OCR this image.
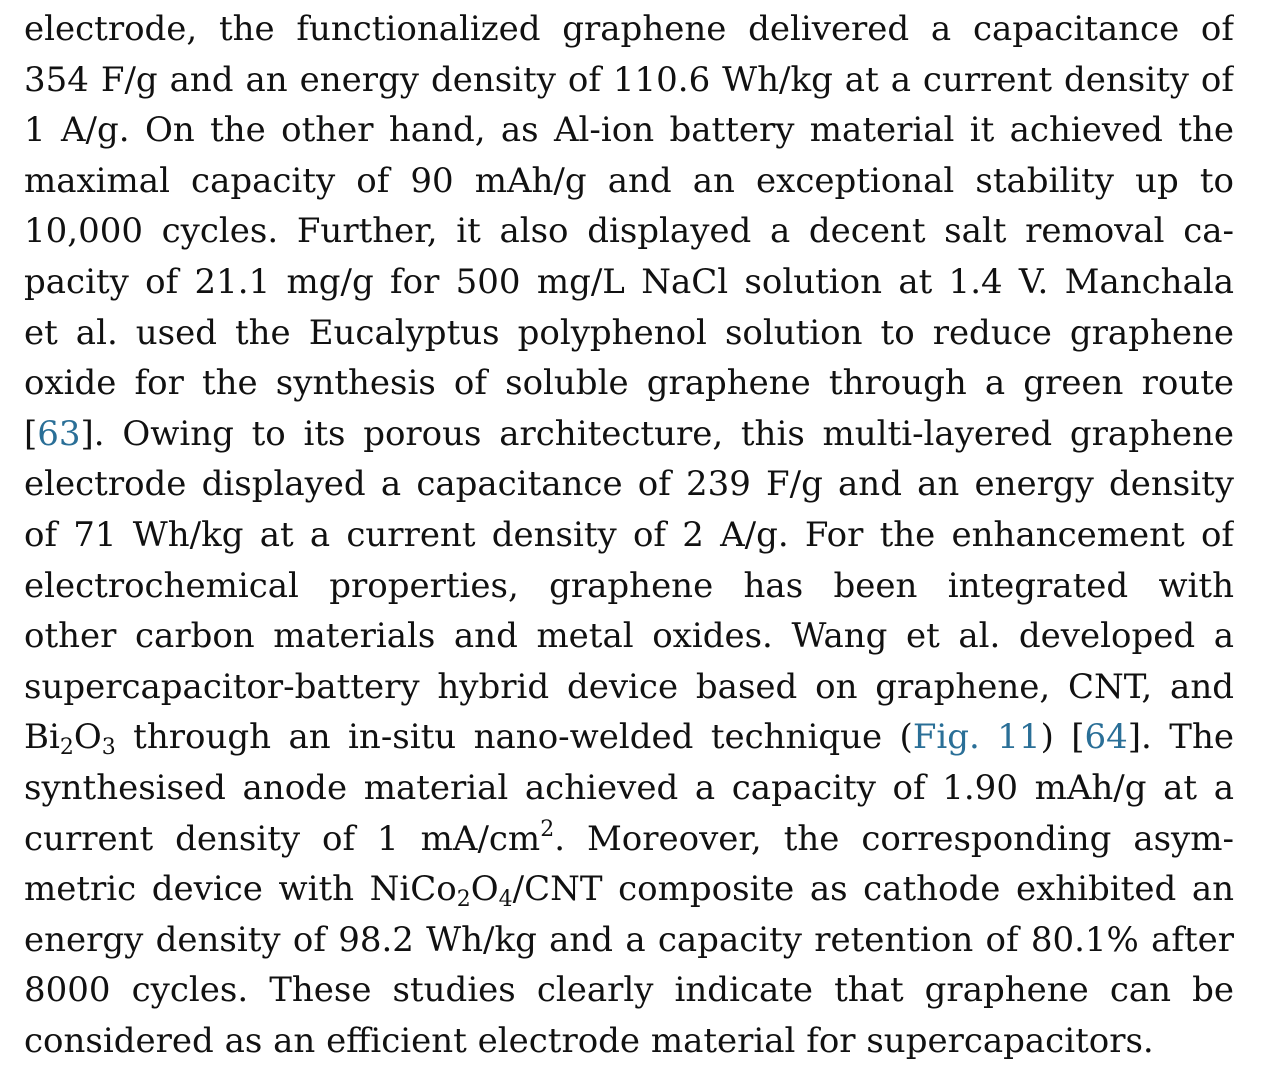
electrode, the functionalized graphene delivered a capacitance of
354 F/g and an energy density of 110.6 Wh/kg at a current density of
1 A/g. On the other hand, as Al-ion battery material it achieved the
maximal capacity of 90 mAh/g and an exceptional stability up to
10,000 cycles. Further, it also displayed a decent salt removal ca-
pacity of 21.1 mg/g for 500 mg/L NaCl solution at 1.4 V. Manchala
et al. used the Eucalyptus polyphenol solution to reduce graphene
oxide for the synthesis of soluble graphene through a green route
[63]. Owing to its porous architecture, this multi-layered graphene
electrode displayed a capacitance of 239 F/g and an energy density
of 71 Wh/kg at a current density of 2 A/g. For the enhancement of
electrochemical properties, graphene has been integrated with
other carbon materials and metal oxides. Wang et al. developed a
supercapacitor-battery hybrid device based on graphene, CNT, and
$Bi_2O_3$ through an in-situ nano-welded technique (Fig. 11) [64]. The
synthesised anode material achieved a capacity of 1.90 mAh/g at a
current density of 1 $mA/cm^2$. Moreover, the corresponding asym-
metric device with $NiCo_2O_4$/CNT composite as cathode exhibited an
energy density of 98.2 Wh/kg and a capacity retention of 80.1% after
8000 cycles. These studies clearly indicate that graphene can be
considered as an efficient electrode material for supercapacitors.
